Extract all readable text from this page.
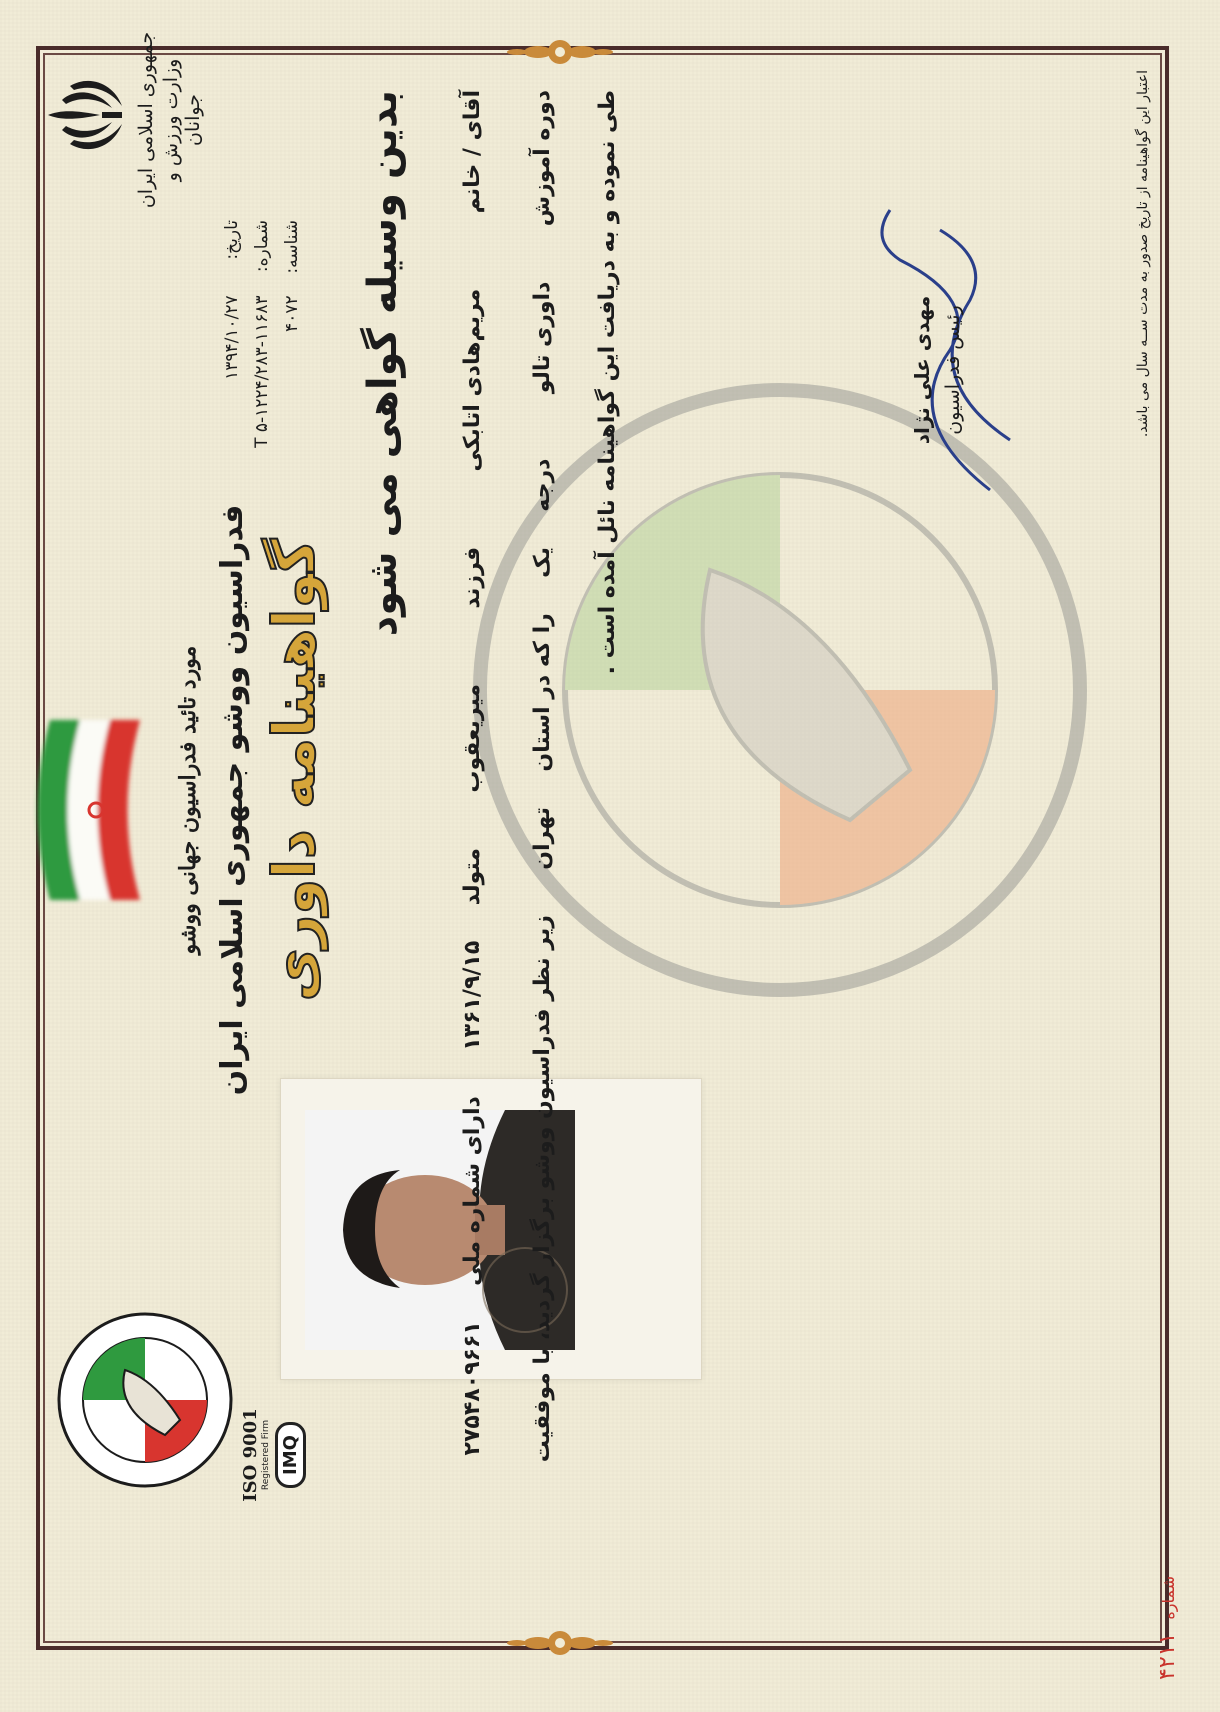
جمهوری اسلامی ایران وزارت ورزش و جوانان
تاریخ: ۱۳۹۴/۱۰/۲۷
شماره: ۵-۱۲۲۴/۲۸۳-۱۱۶۸۳ T
شناسه: ۴۰۷۲
مورد تائید فدراسیون جهانی ووشو فدراسیون ووشو جمهوری اسلامی ایران گواهینامه داوری
ISO 9001 Registered Firm IMQ
بدین وسیله گواهی می شود آقای / خانم  مریم‌هادی اتابکی  فرزند  میریعقوب  متولد  ۱۳۶۱/۹/۱۵  دارای شماره ملی  ۲۷۵۴۸۰۹۶۶۱
دوره آموزش  داوری تالو  درجه  یک  را که در استان  تهران  زیر نظر فدراسیون ووشو برگزار گردید، با موفقیت
طی نموده و به دریافت این گواهینامه نائل آمده است .	مهدی علی نژاد رئیس فدراسیون	اعتبار این گواهینامه از تاریخ صدور به مدت ســه سال می باشد.
شماره ۴۲۱۱
